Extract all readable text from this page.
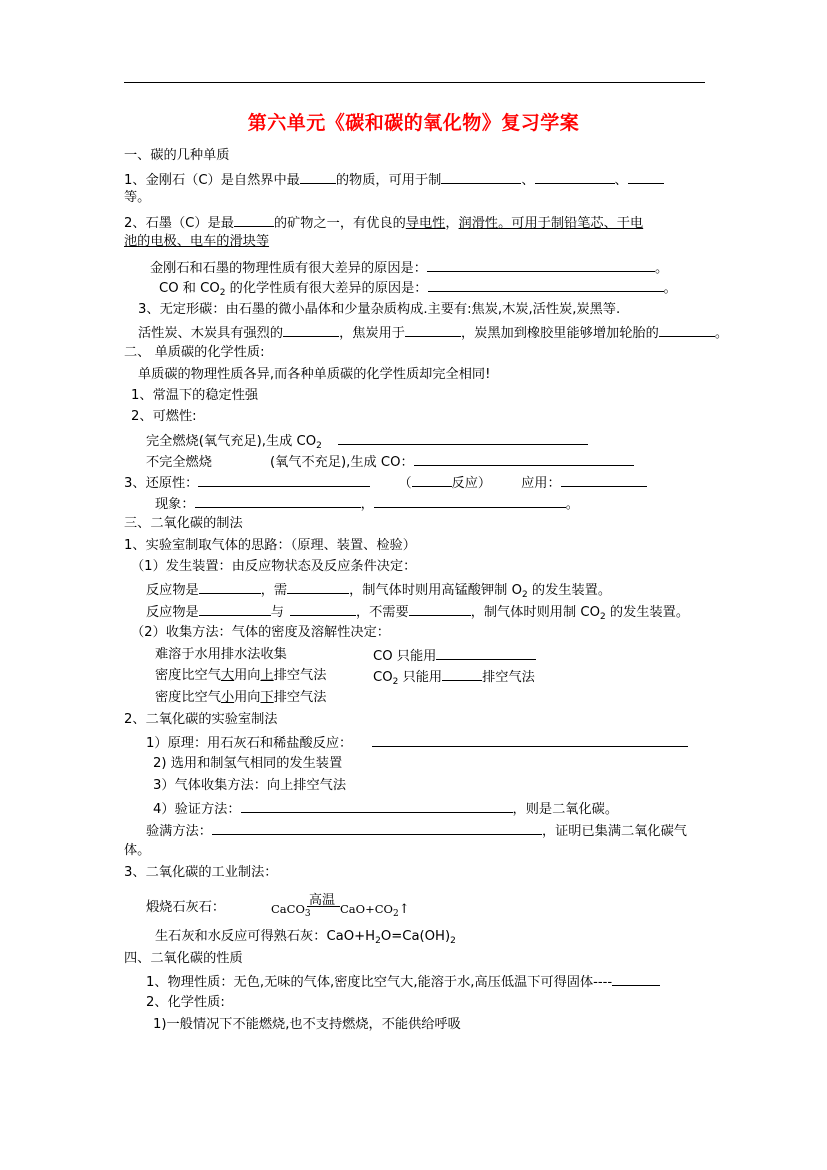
第六单元《碳和碳的氧化物》复习学案
一、碳的几种单质
1、金刚石（C）是自然界中最	的物质，可用于制	、	、
等。
2、石墨（C）是最	的矿物之一，有优良的导电性，润滑性。可用于制铅笔芯、干电
池的电极、电车的滑块等
金刚石和石墨的物理性质有很大差异的原因是：	。
CO 和 $CO_2$ 的化学性质有很大差异的原因是：	。
3、无定形碳：由石墨的微小晶体和少量杂质构成.主要有:焦炭,木炭,活性炭,炭黑等.
活性炭、木炭具有强烈的	，焦炭用于	，炭黑加到橡胶里能够增加轮胎的	。
二、 单质碳的化学性质:
单质碳的物理性质各异,而各种单质碳的化学性质却完全相同!
1、常温下的稳定性强
2、可燃性:
完全燃烧(氧气充足),生成 $CO_2$
不完全燃烧	(氧气不充足),生成 CO：
3、还原性：	（	反应） 应用：
现象：	，	。
三、二氧化碳的制法
1、实验室制取气体的思路：（原理、装置、检验）
（1）发生装置：由反应物状态及反应条件决定：
反应物是	，需	，制气体时则用高锰酸钾制 $O_2$ 的发生装置。
反应物是	与	，不需要	，制气体时则用制 $CO_2$ 的发生装置。
（2）收集方法：气体的密度及溶解性决定：
难溶于水用排水法收集	CO 只能用
密度比空气大用向上排空气法	$CO_2$ 只能用	排空气法
密度比空气小用向下排空气法
2、二氧化碳的实验室制法
1）原理：用石灰石和稀盐酸反应：
2) 选用和制氢气相同的发生装置
3）气体收集方法：向上排空气法
4）验证方法：	，则是二氧化碳。
验满方法：	，证明已集满二氧化碳气
体。
3、二氧化碳的工业制法：
煅烧石灰石：	CaCO$_3$
高温
$CaO+CO_2↑$
生石灰和水反应可得熟石灰：$CaO+H_2O=Ca(OH)_2$
四、二氧化碳的性质
1、物理性质：无色,无味的气体,密度比空气大,能溶于水,高压低温下可得固体----
2、化学性质:
1)一般情况下不能燃烧,也不支持燃烧，不能供给呼吸
